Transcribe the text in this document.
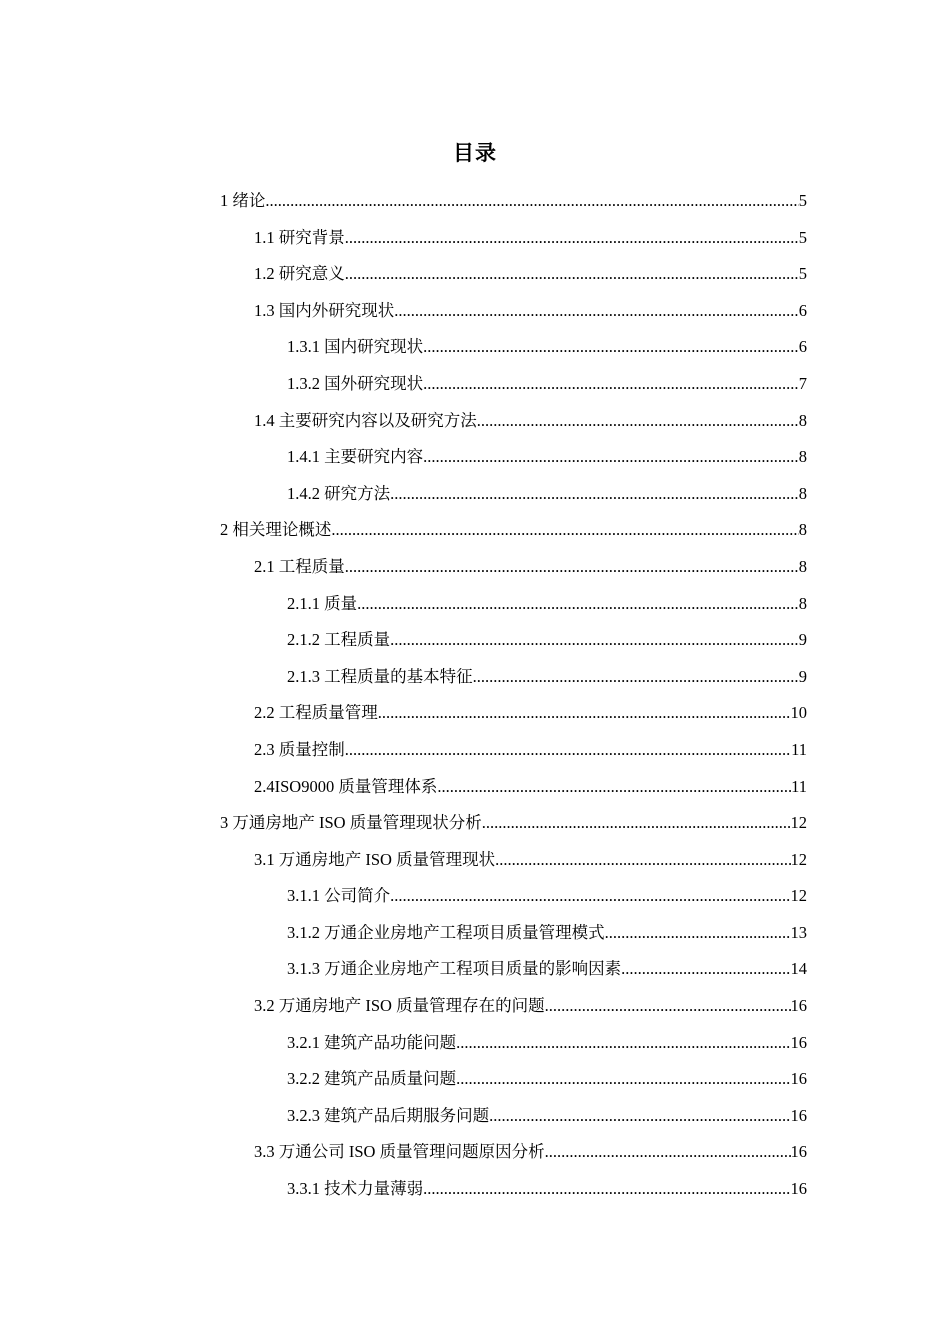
目录
1 绪论 .....	5
1.1 研究背景 .....	5
1.2 研究意义 .....	5
1.3 国内外研究现状 .....	6
1.3.1 国内研究现状 .....	6
1.3.2 国外研究现状 .....	7
1.4 主要研究内容以及研究方法 .....	8
1.4.1 主要研究内容 .....	8
1.4.2 研究方法 .....	8
2 相关理论概述 .....	8
2.1 工程质量 .....	8
2.1.1 质量 .....	8
2.1.2 工程质量 .....	9
2.1.3 工程质量的基本特征 .....	9
2.2 工程质量管理 .....	10
2.3 质量控制 .....	11
2.4ISO9000 质量管理体系 .....	11
3 万通房地产 ISO 质量管理现状分析 .....	12
3.1 万通房地产 ISO 质量管理现状 .....	12
3.1.1 公司简介 .....	12
3.1.2 万通企业房地产工程项目质量管理模式 .....	13
3.1.3 万通企业房地产工程项目质量的影响因素 .....	14
3.2 万通房地产 ISO 质量管理存在的问题 .....	16
3.2.1 建筑产品功能问题 .....	16
3.2.2 建筑产品质量问题 .....	16
3.2.3 建筑产品后期服务问题 .....	16
3.3 万通公司 ISO 质量管理问题原因分析 .....	16
3.3.1 技术力量薄弱 .....	16
